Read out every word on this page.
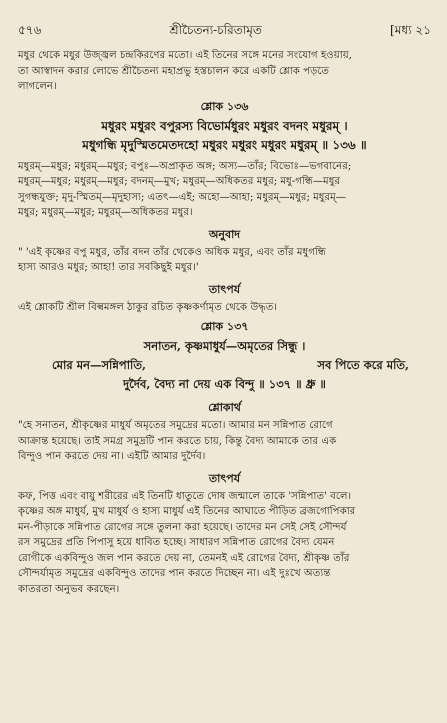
৫৭৬	শ্রীচৈতন্য-চরিতামৃত	[মধ্য ২১

মধুর থেকে মধুর উজ্জ্বল চন্দ্রকিরণের মতো। এই তিনের সঙ্গে মনের সংযোগ হওয়ায়,
তা আস্বাদন করার লোভে শ্রীচৈতন্য মহাপ্রভু হস্তচালন করে একটি শ্লোক পড়তে
লাগলেন।

শ্লোক ১৩৬

মধুরং মধুরং বপুরস্য বিভোর্মধুরং মধুরং বদনং মধুরম্ ।

মধুগন্ধি মৃদুস্মিতমেতদহো মধুরং মধুরং মধুরং মধুরম্ ॥ ১৩৬ ॥

মধুরম্—মধুর; মধুরম্—মধুর; বপুঃ—অপ্রাকৃত অঙ্গ; অস্য—তাঁর; বিভোঃ—ভগবানের;
মধুরম্—মধুর; মধুরম্—মধুর; বদনম্—মুখ; মধুরম্—অধিকতর মধুর; মধু-গন্ধি—মধুর
সুগন্ধযুক্ত; মৃদু-স্মিতম্—মৃদুহাস্য; এতৎ—এই; অহো—আহা; মধুরম্—মধুর; মধুরম্—
মধুর; মধুরম্—মধুর; মধুরম্—অধিকতর মধুর।

অনুবাদ

" 'এই কৃষ্ণের বপু মধুর, তাঁর বদন তাঁর থেকেও অধিক মধুর, এবং তাঁর মধুগন্ধি
হাস্য আরও মধুর; আহা! তার সবকিছুই মধুর।'

তাৎপর্য

এই শ্লোকটি শ্রীল বিল্বমঙ্গল ঠাকুর রচিত কৃষ্ণকর্ণামৃত থেকে উদ্ধৃত।

শ্লোক ১৩৭

সনাতন, কৃষ্ণমাধুর্য—অমৃতের সিন্ধু ।

মোর মন—সন্নিপাতি,	সব পিতে করে মতি,

দুর্দৈব, বৈদ্য না দেয় এক বিন্দু ॥ ১৩৭ ॥ ধ্রু ॥

শ্লোকার্থ

"হে সনাতন, শ্রীকৃষ্ণের মাধুর্য অমৃতের সমুদ্রের মতো। আমার মন সন্নিপাত রোগে
আক্রান্ত হয়েছে। তাই সমগ্র সমুদ্রটি পান করতে চায়, কিন্তু বৈদ্য আমাকে তার এক
বিন্দুও পান করতে দেয় না। এইটি আমার দুর্দৈব।

তাৎপর্য

কফ, পিত্ত এবং বায়ু শরীরের এই তিনটি ধাতুতে দোষ জন্মালে তাকে 'সন্নিপাত' বলে।
কৃষ্ণের অঙ্গ মাধুর্য, মুখ মাধুর্য ও হাস্য মাধুর্য এই তিনের আঘাতে পীড়িত ব্রজগোপিকার
মন-পীড়াকে সন্নিপাত রোগের সঙ্গে তুলনা করা হয়েছে। তাদের মন সেই সেই সৌন্দর্য
রস সমুদ্রের প্রতি পিপাসু হয়ে ধাবিত হচ্ছে। সাধারণ সন্নিপাত রোগের বৈদ্য যেমন
রোগীকে একবিন্দুও জল পান করতে দেয় না, তেমনই এই রোগের বৈদ্য, শ্রীকৃষ্ণ তাঁর
সৌন্দর্যামৃত সমুদ্রের একবিন্দুও তাদের পান করতে দিচ্ছেন না। এই দুঃখে অত্যন্ত
কাতরতা অনুভব করছেন।
